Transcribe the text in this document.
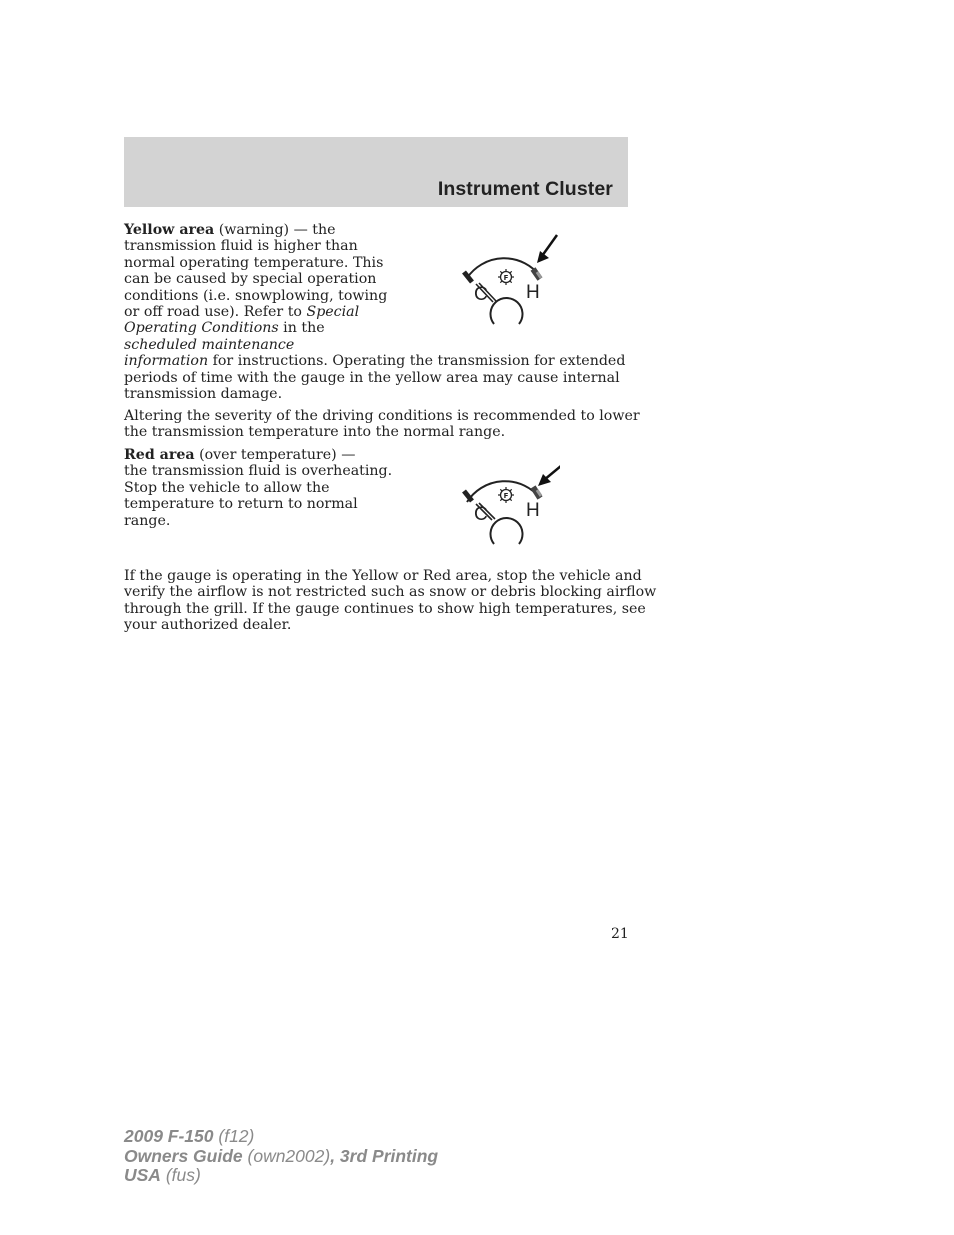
Instrument Cluster
Yellow area (warning) — the
transmission fluid is higher than
normal operating temperature. This
can be caused by special operation
conditions (i.e. snowplowing, towing
or off road use). Refer to Special
Operating Conditions in the
scheduled maintenance
information for instructions. Operating the transmission for extended
periods of time with the gauge in the yellow area may cause internal
transmission damage.
F
C H
Altering the severity of the driving conditions is recommended to lower
the transmission temperature into the normal range.
Red area (over temperature) —
the transmission fluid is overheating.
Stop the vehicle to allow the
temperature to return to normal
range.
F
C H
If the gauge is operating in the Yellow or Red area, stop the vehicle and
verify the airflow is not restricted such as snow or debris blocking airflow
through the grill. If the gauge continues to show high temperatures, see
your authorized dealer.
21
2009 F-150 (f12)
Owners Guide (own2002), 3rd Printing
USA (fus)
